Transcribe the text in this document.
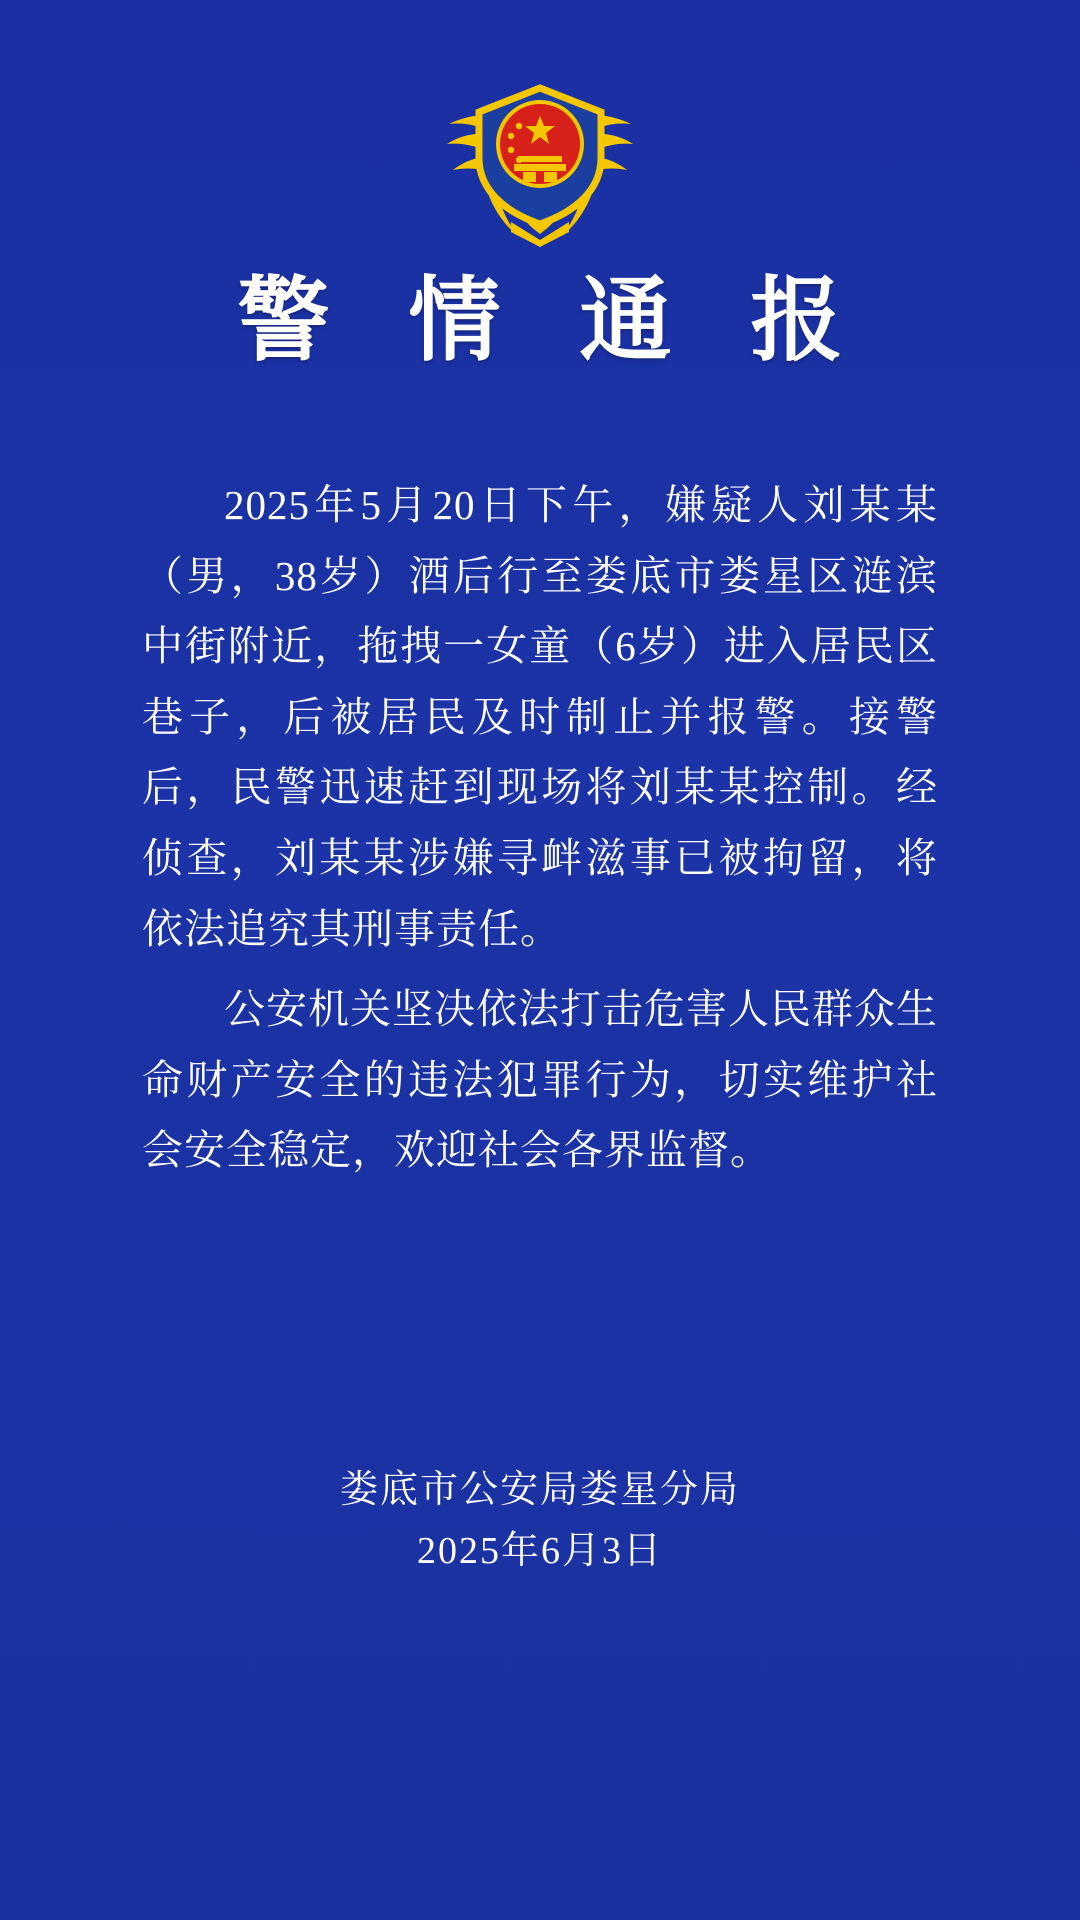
警 情 通 报

2025年5月20日下午，嫌疑人刘某某（男，38岁）酒后行至娄底市娄星区涟滨中街附近，拖拽一女童（6岁）进入居民区巷子，后被居民及时制止并报警。接警后，民警迅速赶到现场将刘某某控制。经侦查，刘某某涉嫌寻衅滋事已被拘留，将依法追究其刑事责任。

公安机关坚决依法打击危害人民群众生命财产安全的违法犯罪行为，切实维护社会安全稳定，欢迎社会各界监督。

娄底市公安局娄星分局
2025年6月3日
